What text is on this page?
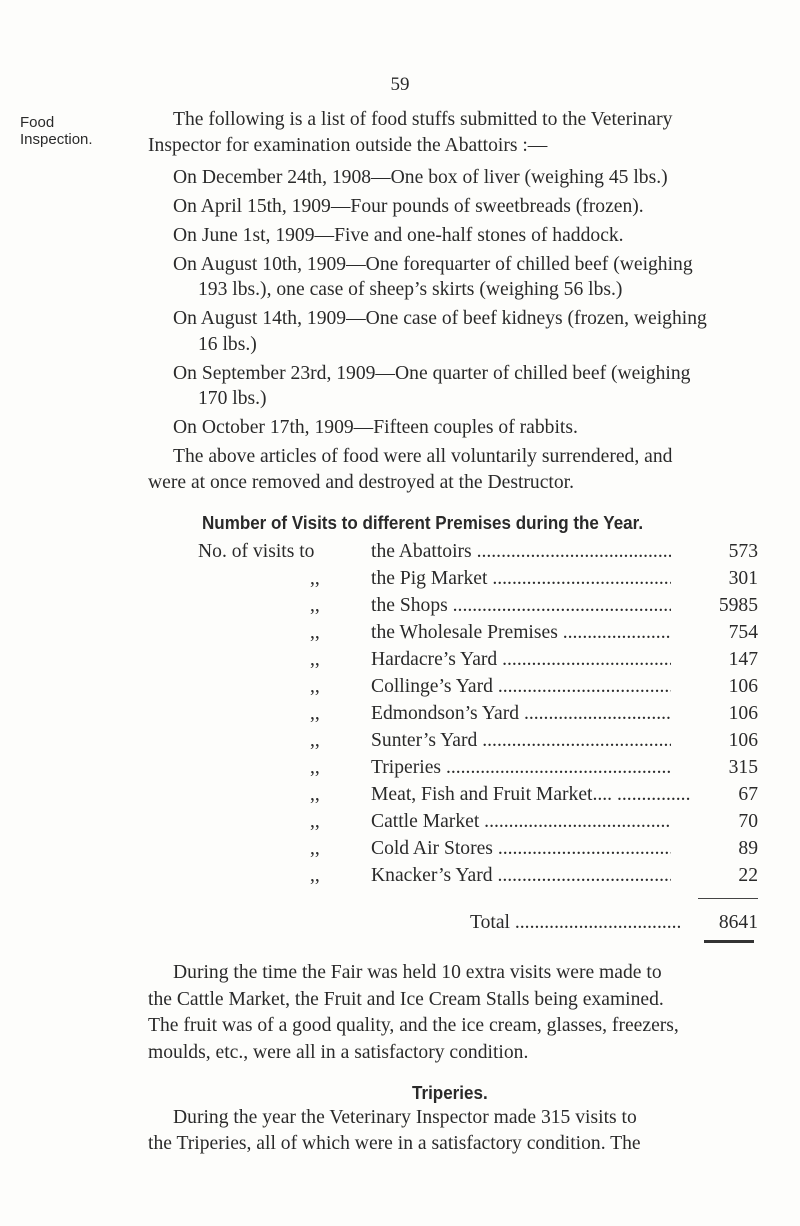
59
Food
Inspection.
The following is a list of food stuffs submitted to the Veterinary
Inspector for examination outside the Abattoirs :—
On December 24th, 1908—One box of liver (weighing 45 lbs.)
On April 15th, 1909—Four pounds of sweetbreads (frozen).
On June 1st, 1909—Five and one-half stones of haddock.
On August 10th, 1909—One forequarter of chilled beef (weighing
193 lbs.), one case of sheep’s skirts (weighing 56 lbs.)
On August 14th, 1909—One case of beef kidneys (frozen, weighing
16 lbs.)
On September 23rd, 1909—One quarter of chilled beef (weighing
170 lbs.)
On October 17th, 1909—Fifteen couples of rabbits.
The above articles of food were all voluntarily surrendered, and
were at once removed and destroyed at the Destructor.
Number of Visits to different Premises during the Year.
No. of visits to	the Abattoirs .....	573
,,	the Pig Market .....	301
,,	the Shops .....	5985
,,	the Wholesale Premises .....	754
,,	Hardacre’s Yard .....	147
,,	Collinge’s Yard .....	106
,,	Edmondson’s Yard .....	106
,,	Sunter’s Yard .....	106
,,	Triperies .....	315
,,	Meat, Fish and Fruit Market.... .....	67
,,	Cattle Market .....	70
,,	Cold Air Stores .....	89
,,	Knacker’s Yard .....	22
Total .....	8641
During the time the Fair was held 10 extra visits were made to
the Cattle Market, the Fruit and Ice Cream Stalls being examined.
The fruit was of a good quality, and the ice cream, glasses, freezers,
moulds, etc., were all in a satisfactory condition.
Triperies.
During the year the Veterinary Inspector made 315 visits to
the Triperies, all of which were in a satisfactory condition. The
